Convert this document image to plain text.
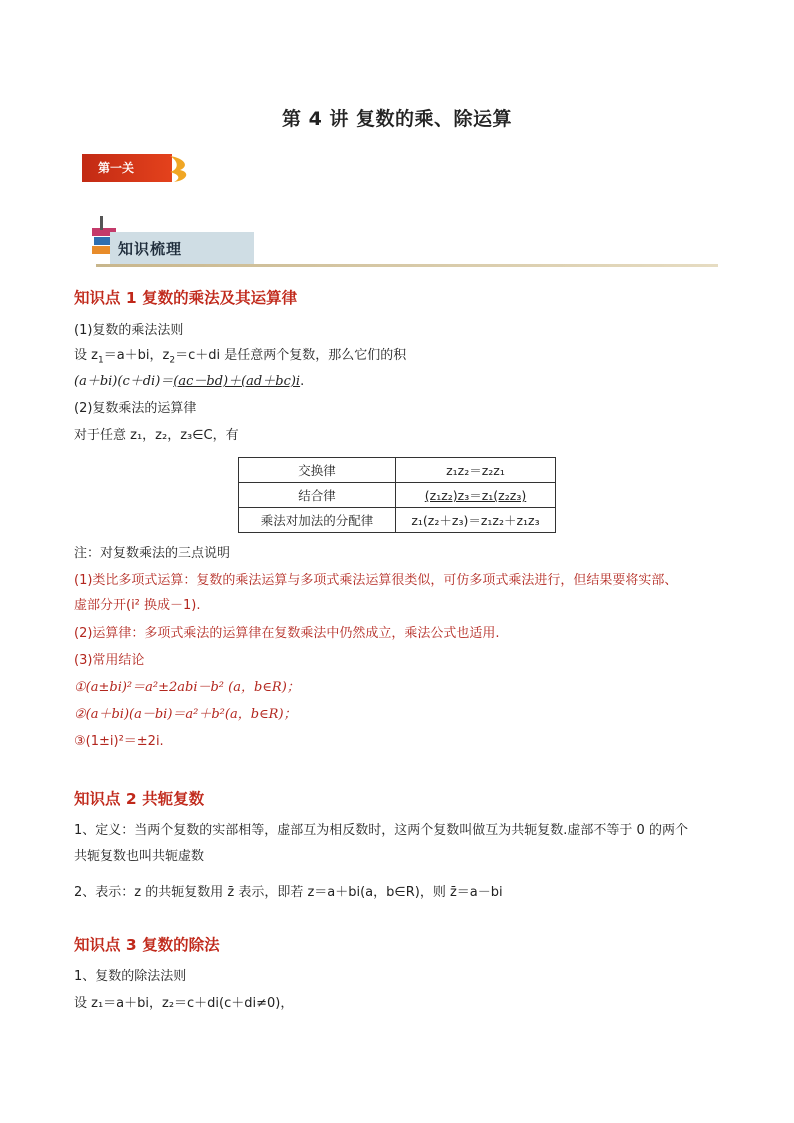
第 4 讲 复数的乘、除运算
第一关
知识梳理
知识点 1 复数的乘法及其运算律
(1)复数的乘法法则
设 $z_1=a+bi$，$z_2=c+di$ 是任意两个复数，那么它们的积
(a＋bi)(c＋di)＝(ac－bd)＋(ad＋bc)i.
(2)复数乘法的运算律
对于任意 z₁，z₂，z₃∈C，有
交换律	z₁z₂＝z₂z₁
结合律	(z₁z₂)z₃＝z₁(z₂z₃)
乘法对加法的分配律	z₁(z₂＋z₃)＝z₁z₂＋z₁z₃
注：对复数乘法的三点说明
(1)类比多项式运算：复数的乘法运算与多项式乘法运算很类似，可仿多项式乘法进行，但结果要将实部、
虚部分开(i² 换成－1).
(2)运算律：多项式乘法的运算律在复数乘法中仍然成立，乘法公式也适用.
(3)常用结论
①(a±bi)²＝a²±2abi－b² (a，b∈R)；
②(a＋bi)(a－bi)＝a²＋b²(a，b∈R)；
③(1±i)²＝±2i.
知识点 2 共轭复数
1、定义：当两个复数的实部相等，虚部互为相反数时，这两个复数叫做互为共轭复数.虚部不等于 0 的两个
共轭复数也叫共轭虚数
2、表示：z 的共轭复数用 z̄ 表示，即若 z＝a＋bi(a，b∈R)，则 z̄＝a－bi
知识点 3 复数的除法
1、复数的除法法则
设 z₁＝a＋bi，z₂＝c＋di(c＋di≠0)，
